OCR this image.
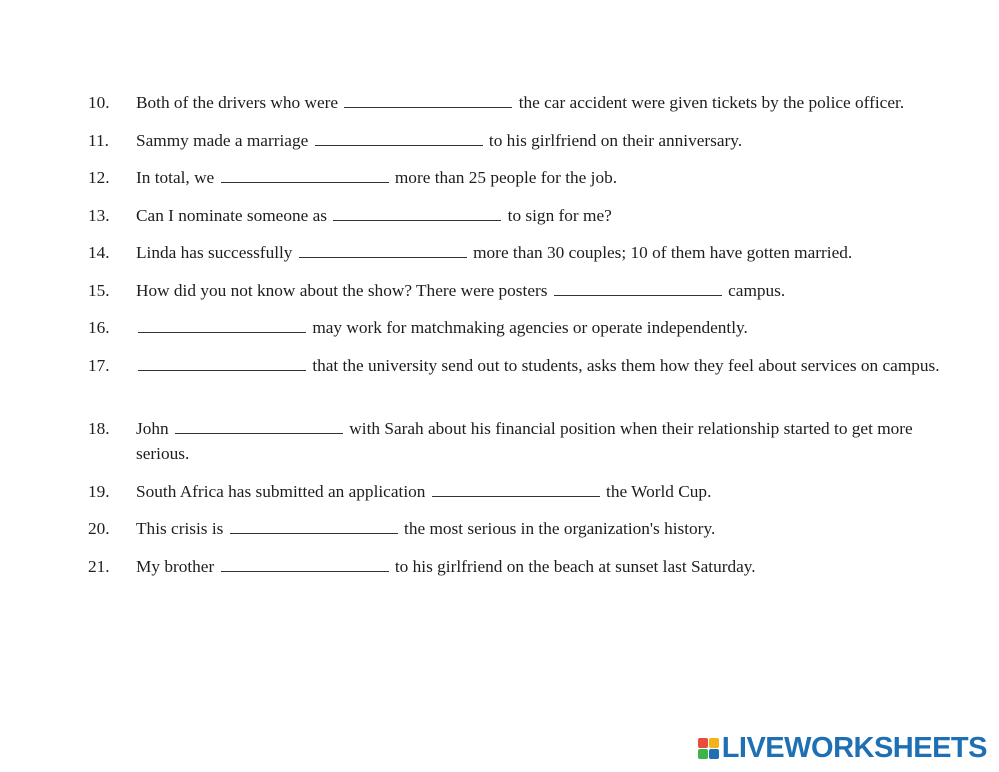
10.	Both of the drivers who were	the car accident were given tickets by the police officer.
11.	Sammy made a marriage	to his girlfriend on their anniversary.
12.	In total, we	more than 25 people for the job.
13.	Can I nominate someone as	to sign for me?
14.	Linda has successfully	more than 30 couples; 10 of them have gotten married.
15.	How did you not know about the show? There were posters	campus.
16.	may work for matchmaking agencies or operate independently.
17.	that the university send out to students, asks them how they feel about services on campus.
18.	John	with Sarah about his financial position when their relationship started to get more serious.
19.	South Africa has submitted an application	the World Cup.
20.	This crisis is	the most serious in the organization's history.
21.	My brother	to his girlfriend on the beach at sunset last Saturday.
LIVEWORKSHEETS
